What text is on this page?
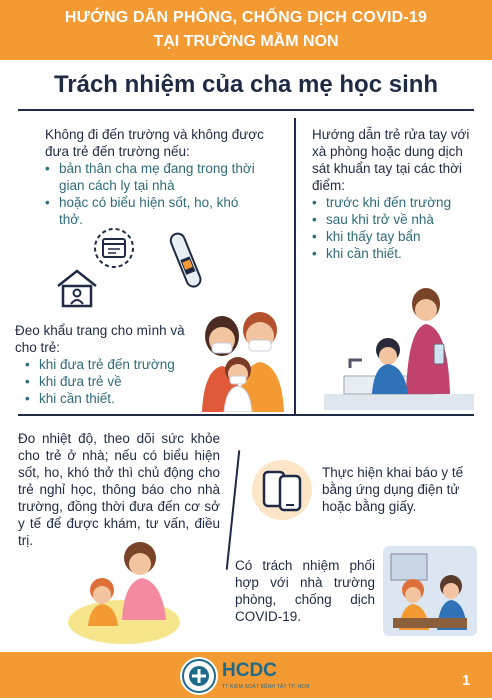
HƯỚNG DẪN PHÒNG, CHỐNG DỊCH COVID-19
TẠI TRƯỜNG MẦM NON
Trách nhiệm của cha mẹ học sinh
Không đi đến trường và không được đưa trẻ đến trường nếu:
• bản thân cha mẹ đang trong thời gian cách ly tại nhà
• hoặc có biểu hiện sốt, ho, khó thở.
Hướng dẫn trẻ rửa tay với xà phòng hoặc dung dịch sát khuẩn tay tại các thời điểm:
• trước khi đến trường
• sau khi trở về nhà
• khi thấy tay bẩn
• khi cần thiết.
Đeo khẩu trang cho mình và cho trẻ:
• khi đưa trẻ đến trường
• khi đưa trẻ về
• khi cần thiết.
Đo nhiệt độ, theo dõi sức khỏe cho trẻ ở nhà; nếu có biểu hiện sốt, ho, khó thở thì chủ động cho trẻ nghỉ học, thông báo cho nhà trường, đồng thời đưa đến cơ sở y tế để được khám, tư vấn, điều trị.
Thực hiện khai báo y tế bằng ứng dụng điện tử hoặc bằng giấy.
Có trách nhiệm phối hợp với nhà trường phòng, chống dịch COVID-19.
HCDC
TT KIỂM SOÁT BỆNH TẬT TP. HCM	1
